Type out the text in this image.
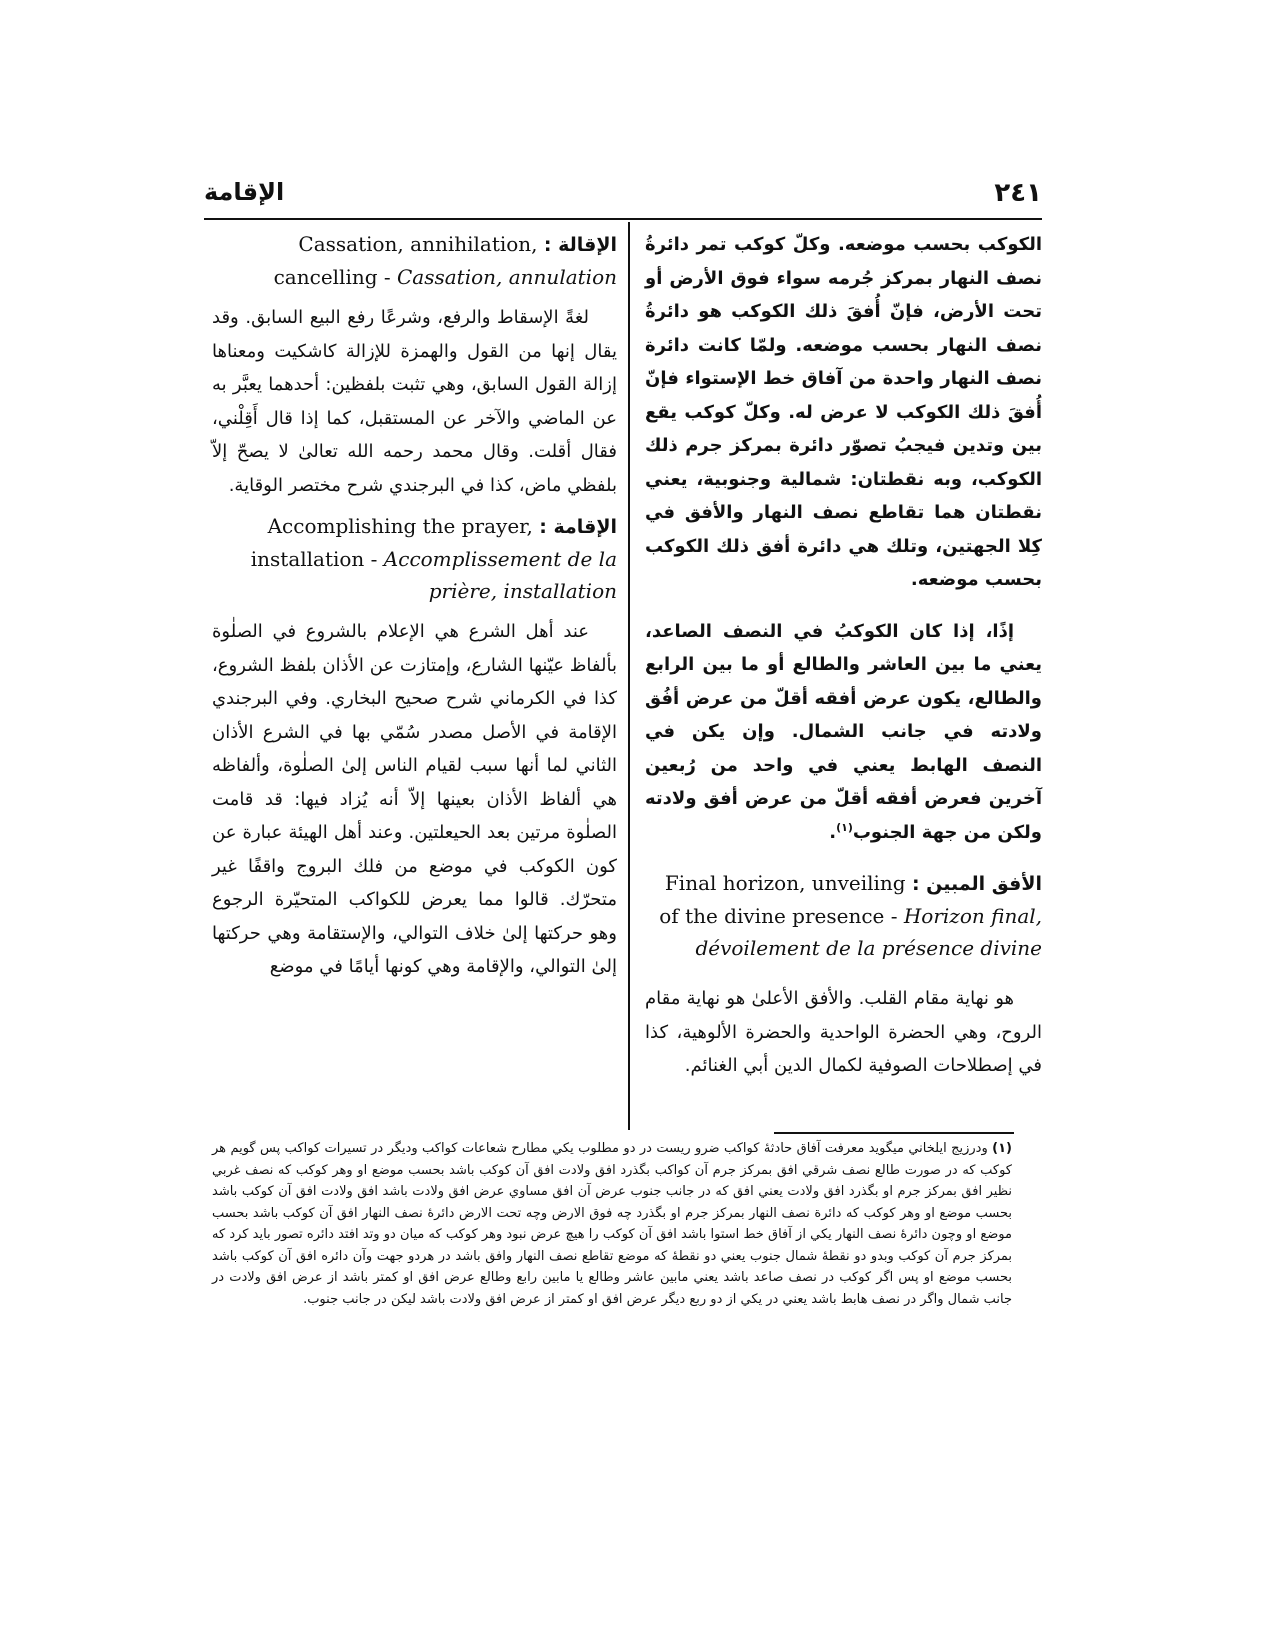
٢٤١
الإقامة

الكوكب بحسب موضعه. وكلّ كوكب تمر دائرةُ نصف النهار بمركز جُرمه سواء فوق الأرض أو تحت الأرض، فإنّ أُفقَ ذلك الكوكب هو دائرةُ نصف النهار بحسب موضعه. ولمّا كانت دائرة نصف النهار واحدة من آفاق خط الإستواء فإنّ أُفقَ ذلك الكوكب لا عرض له. وكلّ كوكب يقع بين وتدين فيجبُ تصوّر دائرة بمركز جرم ذلك الكوكب، وبه نقطتان: شمالية وجنوبية، يعني نقطتان هما تقاطع نصف النهار والأفق في كِلا الجهتين، وتلك هي دائرة أفق ذلك الكوكب بحسب موضعه.

إذًا، إذا كان الكوكبُ في النصف الصاعد، يعني ما بين العاشر والطالع أو ما بين الرابع والطالع، يكون عرض أفقه أقلّ من عرض أفُق ولادته في جانب الشمال. وإن يكن في النصف الهابط يعني في واحد من رُبعين آخرين فعرض أفقه أقلّ من عرض أفق ولادته ولكن من جهة الجنوب$^{(١)}$.

الأفق المبين : Final horizon, unveiling of the divine presence - Horizon final, dévoilement de la présence divine

هو نهاية مقام القلب. والأفق الأعلىٰ هو نهاية مقام الروح، وهي الحضرة الواحدية والحضرة الألوهية، كذا في إصطلاحات الصوفية لكمال الدين أبي الغنائم.

الإقالة : Cassation, annihilation, cancelling - Cassation, annulation

لغةً الإسقاط والرفع، وشرعًا رفع البيع السابق. وقد يقال إنها من القول والهمزة للإزالة كاشكيت ومعناها إزالة القول السابق، وهي تثبت بلفظين: أحدهما يعبَّر به عن الماضي والآخر عن المستقبل، كما إذا قال أَقِلْني، فقال أقلت. وقال محمد رحمه الله تعالىٰ لا يصحّ إلاّ بلفظي ماض، كذا في البرجندي شرح مختصر الوقاية.

الإقامة : Accomplishing the prayer, installation - Accomplissement de la prière, installation

عند أهل الشرع هي الإعلام بالشروع في الصلٰوة بألفاظ عيّنها الشارع، وإمتازت عن الأذان بلفظ الشروع، كذا في الكرماني شرح صحيح البخاري. وفي البرجندي الإقامة في الأصل مصدر سُمّي بها في الشرع الأذان الثاني لما أنها سبب لقيام الناس إلىٰ الصلٰوة، وألفاظه هي ألفاظ الأذان بعينها إلاّ أنه يُزاد فيها: قد قامت الصلٰوة مرتين بعد الحيعلتين. وعند أهل الهيئة عبارة عن كون الكوكب في موضع من فلك البروج واقفًا غير متحرّك. قالوا مما يعرض للكواكب المتحيّرة الرجوع وهو حركتها إلىٰ خلاف التوالي، والإستقامة وهي حركتها إلىٰ التوالي، والإقامة وهي كونها أيامًا في موضع

(١) ودرزيج ايلخاني ميگويد معرفت آفاق حادثهٔ كواكب ضرو ريست در دو مطلوب يكي مطارح شعاعات كواكب وديگر در تسيرات كواكب پس گويم هر كوكب كه در صورت طالع نصف شرقي افق بمركز جرم آن كواكب بگذرد افق ولادت افق آن كوكب باشد بحسب موضع او وهر كوكب كه نصف غربي نظير افق بمركز جرم او بگذرد افق ولادت يعني افق كه در جانب جنوب عرض آن افق مساوي عرض افق ولادت باشد افق ولادت افق آن كوكب باشد بحسب موضع او وهر كوكب كه دائرة نصف النهار بمركز جرم او بگذرد چه فوق الارض وچه تحت الارض دائرهٔ نصف النهار افق آن كوكب باشد بحسب موضع او وچون دائرهٔ نصف النهار يكي از آفاق خط استوا باشد افق آن كوكب را هيچ عرض نبود وهر كوكب كه ميان دو وتد افتد دائره تصور بايد كرد كه بمركز جرم آن كوكب وبدو دو نقطهٔ شمال جنوب يعني دو نقطهٔ كه موضع تقاطع نصف النهار وافق باشد در هردو جهت وآن دائره افق آن كوكب باشد بحسب موضع او پس اگر كوكب در نصف صاعد باشد يعني مابين عاشر وطالع يا مابين رابع وطالع عرض افق او كمتر باشد از عرض افق ولادت در جانب شمال واگر در نصف هابط باشد يعني در يكي از دو ربع ديگر عرض افق او كمتر از عرض افق ولادت باشد ليكن در جانب جنوب.
